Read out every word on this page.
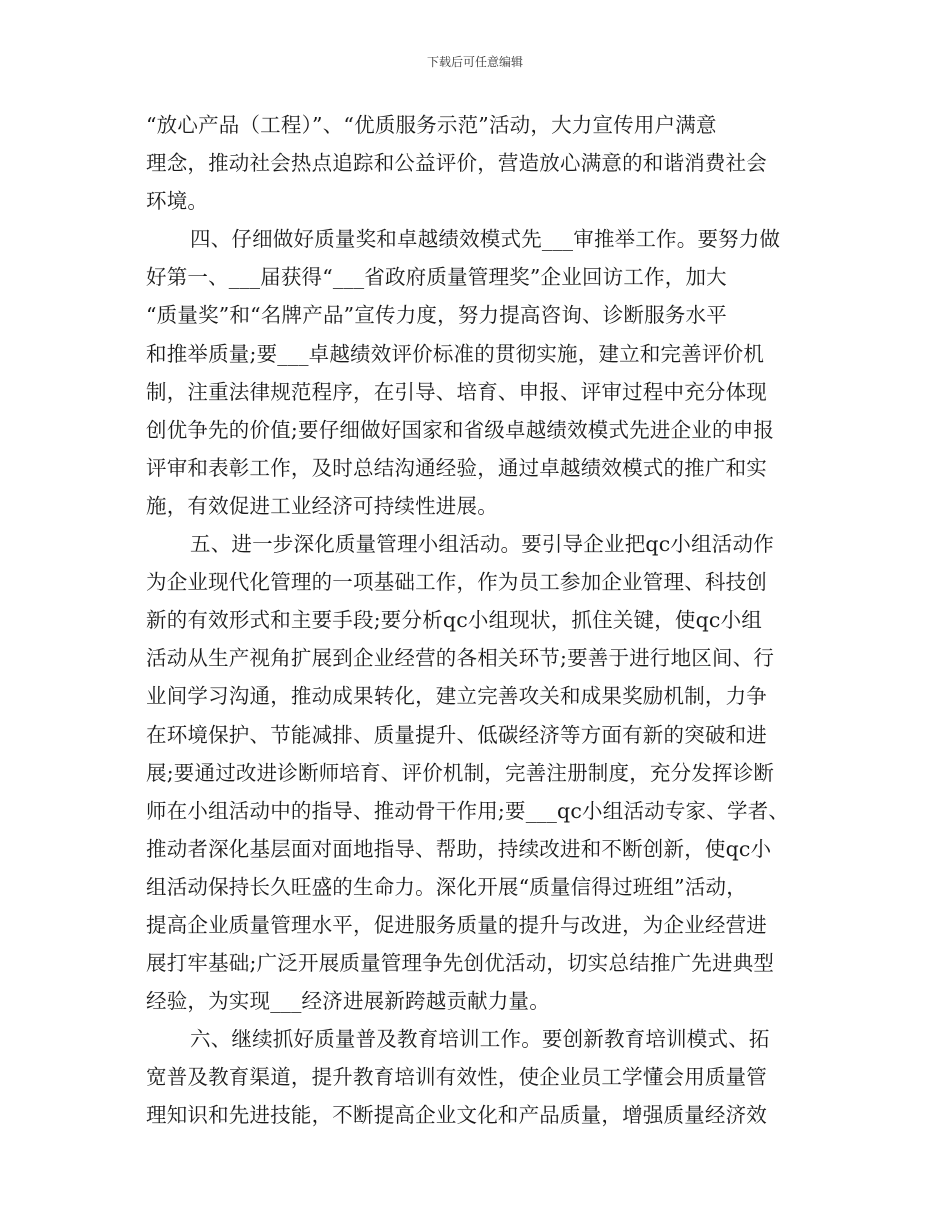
下载后可任意编辑
“放心产品（工程）”、“优质服务示范”活动，大力宣传用户满意
理念，推动社会热点追踪和公益评价，营造放心满意的和谐消费社会
环境。
四、仔细做好质量奖和卓越绩效模式先___审推举工作。要努力做
好第一、___届获得“___省政府质量管理奖”企业回访工作，加大
“质量奖”和“名牌产品”宣传力度，努力提高咨询、诊断服务水平
和推举质量;要___卓越绩效评价标准的贯彻实施，建立和完善评价机
制，注重法律规范程序，在引导、培育、申报、评审过程中充分体现
创优争先的价值;要仔细做好国家和省级卓越绩效模式先进企业的申报
评审和表彰工作，及时总结沟通经验，通过卓越绩效模式的推广和实
施，有效促进工业经济可持续性进展。
五、进一步深化质量管理小组活动。要引导企业把qc小组活动作
为企业现代化管理的一项基础工作，作为员工参加企业管理、科技创
新的有效形式和主要手段;要分析qc小组现状，抓住关键，使qc小组
活动从生产视角扩展到企业经营的各相关环节;要善于进行地区间、行
业间学习沟通，推动成果转化，建立完善攻关和成果奖励机制，力争
在环境保护、节能减排、质量提升、低碳经济等方面有新的突破和进
展;要通过改进诊断师培育、评价机制，完善注册制度，充分发挥诊断
师在小组活动中的指导、推动骨干作用;要___qc小组活动专家、学者、
推动者深化基层面对面地指导、帮助，持续改进和不断创新，使qc小
组活动保持长久旺盛的生命力。深化开展“质量信得过班组”活动，
提高企业质量管理水平，促进服务质量的提升与改进，为企业经营进
展打牢基础;广泛开展质量管理争先创优活动，切实总结推广先进典型
经验，为实现___经济进展新跨越贡献力量。
六、继续抓好质量普及教育培训工作。要创新教育培训模式、拓
宽普及教育渠道，提升教育培训有效性，使企业员工学懂会用质量管
理知识和先进技能，不断提高企业文化和产品质量，增强质量经济效
